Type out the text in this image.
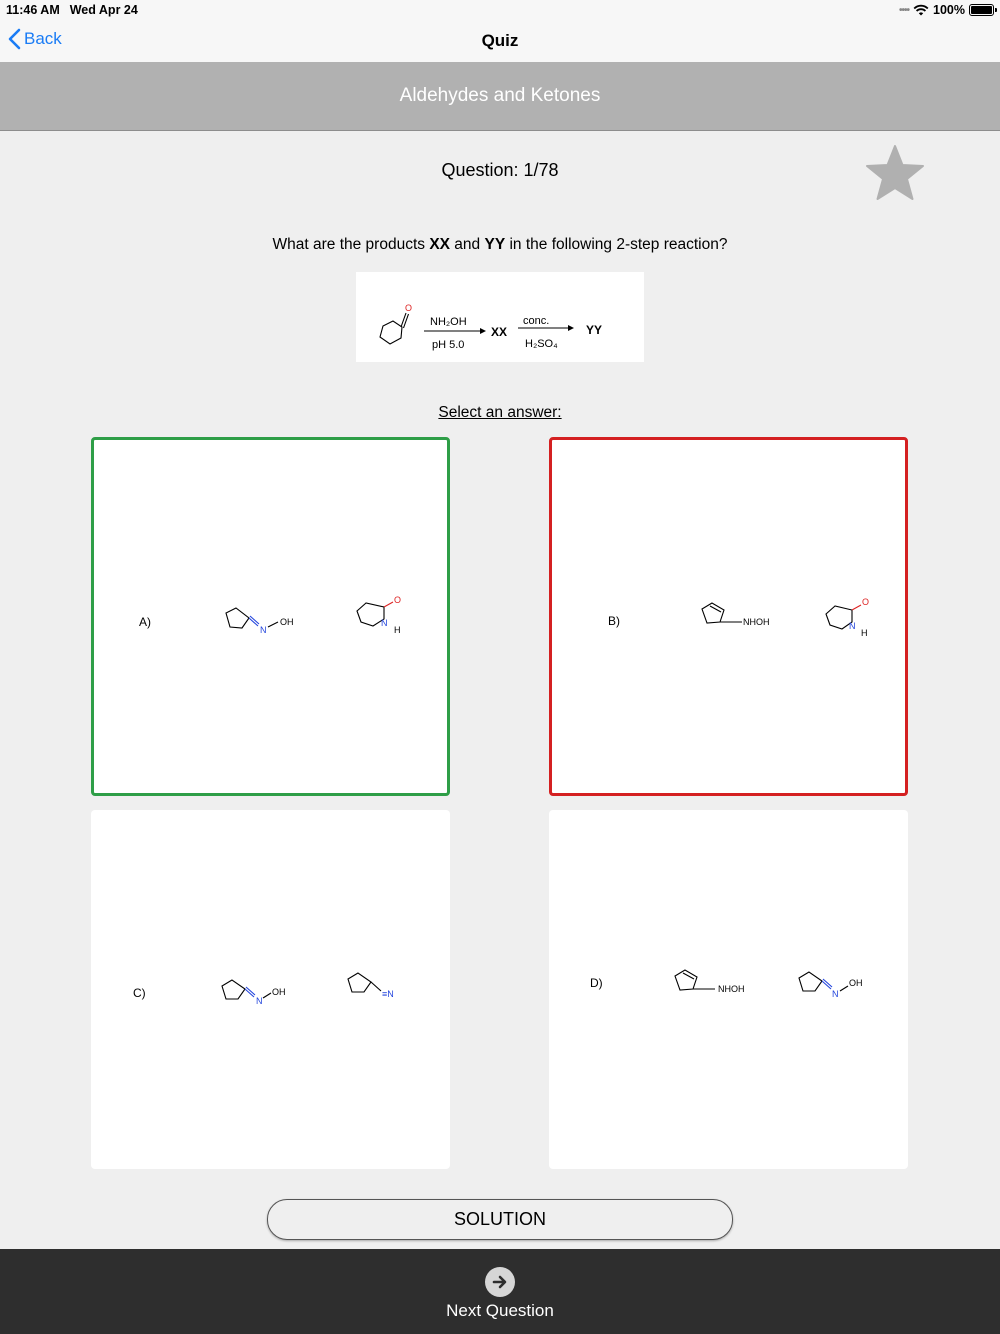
11:46 AM Wed Apr 24	•••• 100%
Back	Quiz
Aldehydes and Ketones
Question: 1/78
What are the products XX and YY in the following 2-step reaction?
O
NH₂OH
pH 5.0
XX
conc.
H₂SO₄
YY
Select an answer:
A)
N
OH
O
N
H
B)	NHOH
O
N
H
C)
N
OH	≡N
D)	NHOH	N
OH
SOLUTION
Next Question
